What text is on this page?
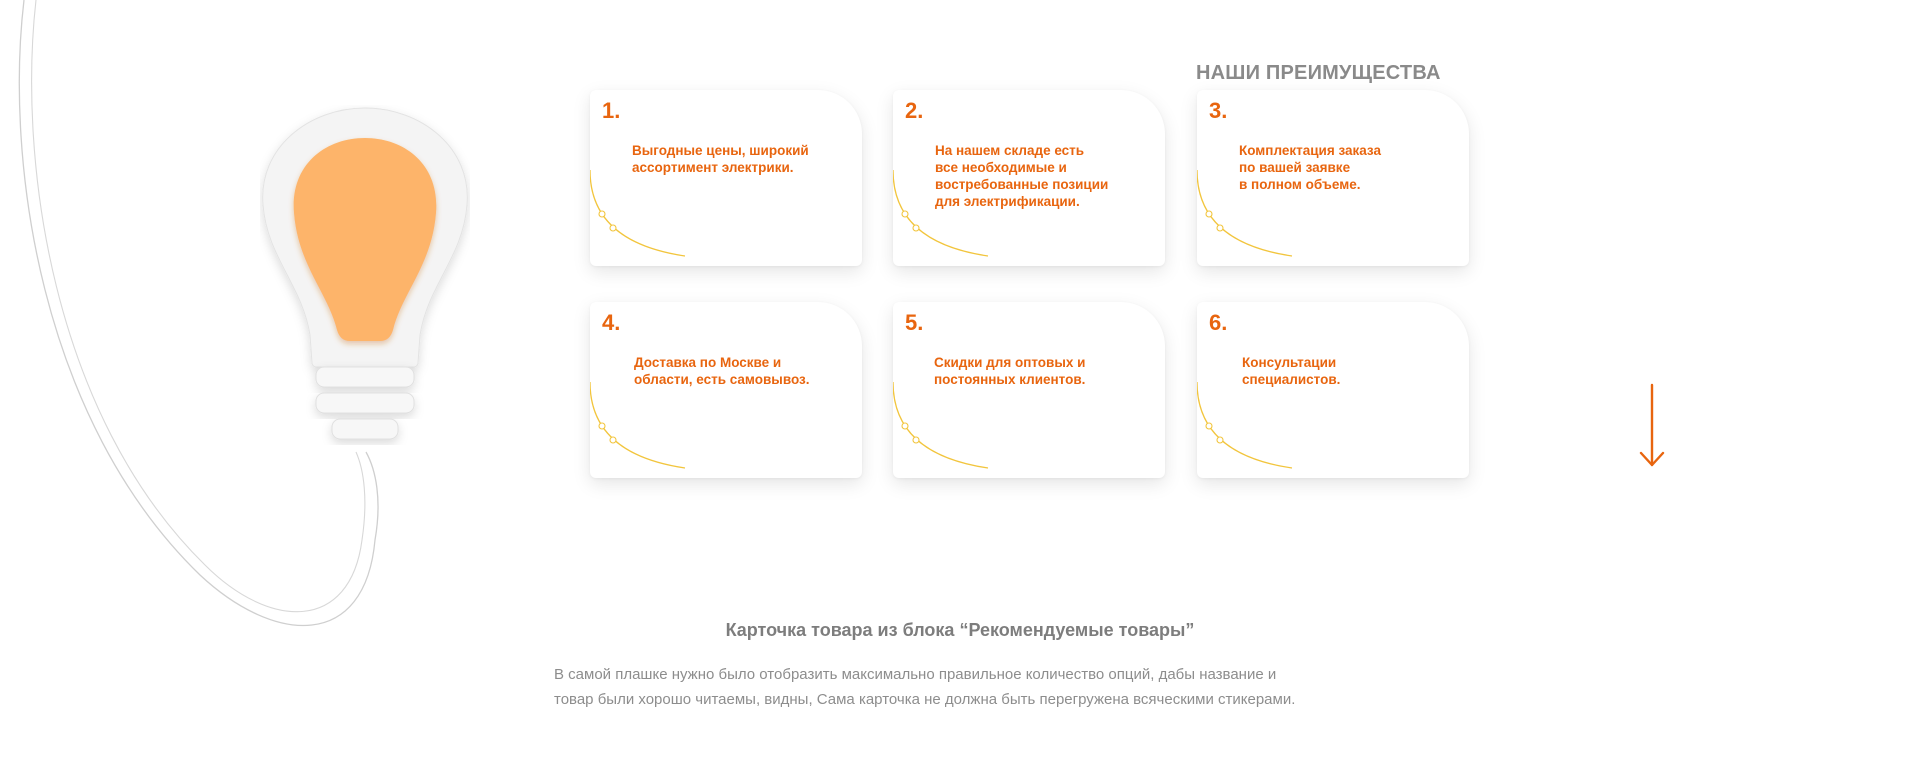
НАШИ ПРЕИМУЩЕСТВА
1.
Выгодные цены, широкий
ассортимент электрики.
2.
На нашем складе есть
все необходимые и
востребованные позиции
для электрификации.
3.
Комплектация заказа
по вашей заявке
в полном объеме.
4.
Доставка по Москве и
области, есть самовывоз.
5.
Скидки для оптовых и
постоянных клиентов.
6.
Консультации
специалистов.
Карточка товара из блока “Рекомендуемые товары”
В самой плашке нужно было отобразить максимально правильное количество опций, дабы название и
товар были хорошо читаемы, видны, Сама карточка не должна быть перегружена всяческими стикерами.
